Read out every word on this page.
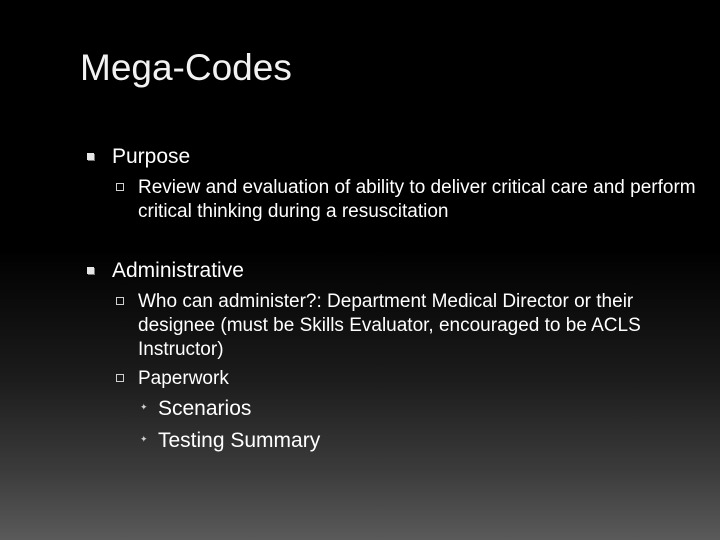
Mega-Codes
Purpose
Review and evaluation of ability to deliver critical care and perform critical thinking during a resuscitation
Administrative
Who can administer?: Department Medical Director or their designee (must be Skills Evaluator, encouraged to be ACLS Instructor)
Paperwork
✦ Scenarios
✦ Testing Summary
